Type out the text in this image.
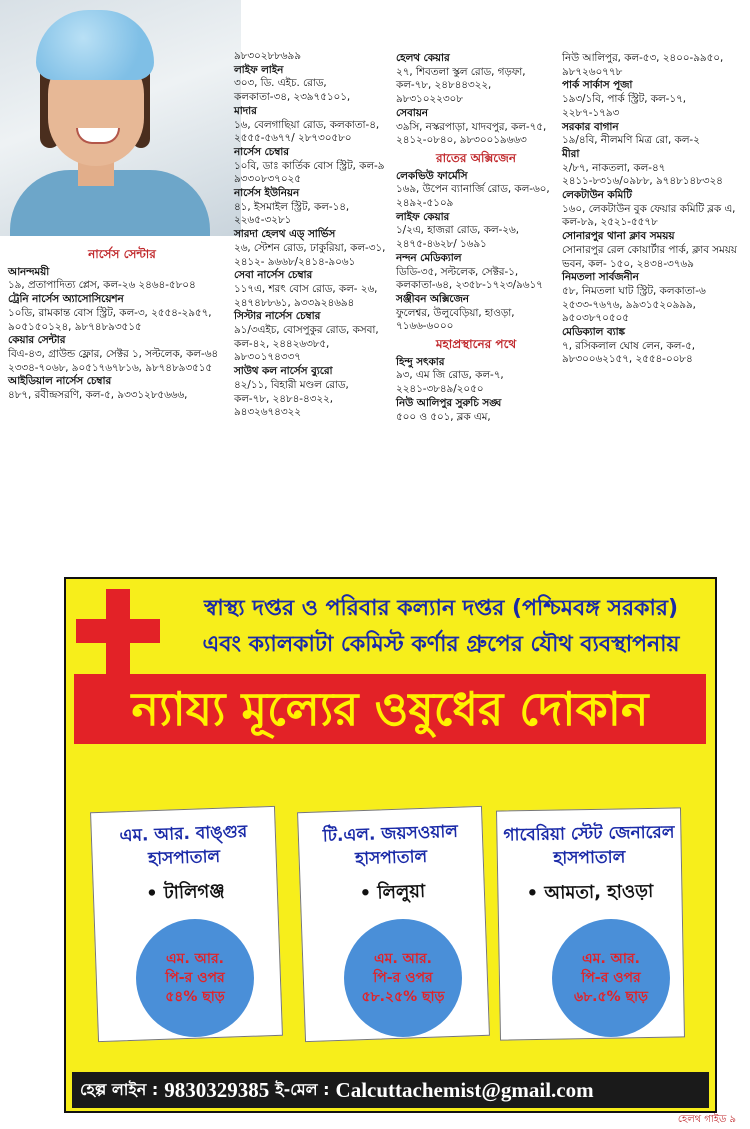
নার্সেস সেন্টার
আনন্দময়ী
১৯, প্রতাপাদিত্য প্লেস, কল-২৬ ২৪৬৪-৫৮০৪
ট্রেনি নার্সেস অ্যাসোসিয়েশন
১০ডি, রামকান্ত বোস স্ট্রিট, কল-৩, ২৫৫৪-২৯৫৭, ৯০৫১৫০১২৪, ৯৮৭৪৮৯৩৫১৫
কেয়ার সেন্টার
বিএ-৪৩, গ্রাউন্ড ফ্লোর, সেক্টর ১, সল্টলেক, কল-৬৪ ২৩৩৪-৭০৬৮, ৯০৫১৭৬৭৮১৬, ৯৮৭৪৮৯৩৫১৫
আইডিয়াল নার্সেস চেম্বার
৪৮৭, রবীন্দ্রসরণি, কল-৫, ৯৩৩১২৮৫৬৬৬,
৯৮৩০২৮৮৬৯৯
লাইফ লাইন
৩০৩, ডি. এইচ. রোড, কলকাতা-৩৪, ২৩৯৭৫১০১,
মাদার
১৬, বেলগাছিয়া রোড, কলকাতা-৪, ২৫৫৫-৫৬৭৭/ ২৮৭৩০৫৮০
নার্সেস চেম্বার
১০বি, ডাঃ কার্তিক বোস স্ট্রিট, কল-৯ ৯৩৩০৮৩৭০২৫
নার্সেস ইউনিয়ন
৪১, ইসমাইল স্ট্রিট, কল-১৪, ২২৬৫-৩২৮১
সারদা হেলথ এড্ সার্ভিস
২৬, স্টেশন রোড, ঢাকুরিয়া, কল-৩১, ২৪১২- ৯৬৬৮/২৪১৪-৯০৬১
সেবা নার্সেস চেম্বার
১১৭এ, শরৎ বোস রোড, কল- ২৬, ২৪৭৪৮৮৬১, ৯৩৩৯২৪৬৯৪
সিস্টার নার্সেস চেম্বার
৯১/৩এইচ, বোসপুকুর রোড, কসবা, কল-৪২, ২৪৪২৬৩৮৫, ৯৮৩০১৭৪৩৩৭
সাউথ কল নার্সেস ব্যুরো
৪২/১১, বিহারী মণ্ডল রোড, কল-৭৮, ২৪৮৪-৪৩২২, ৯৪৩২৬৭৪৩২২
হেলথ কেয়ার
২৭, শিবতলা স্কুল রোড, গড়ফা, কল-৭৮, ২৪৮৪৪৩২২, ৯৮৩১০২২৩০৮
সেবায়ন
৩৯সি, নস্করপাড়া, যাদবপুর, কল-৭৫, ২৪১২-০৮৪০, ৯৮৩০০১৯৬৬৩
রাতের অক্সিজেন
লেকভিউ ফার্মেসি
১৬৯, উপেন ব্যানার্জি রোড, কল-৬০, ২৪৯২-৫১০৯
লাইফ কেয়ার
১/২এ, হাজরা রোড, কল-২৬, ২৪৭৫-৪৬২৮/ ১৬৯১
নন্দন মেডিক্যাল
ডিডি-৩৫, সল্টলেক, সেক্টর-১, কলকাতা-৬৪, ২৩৫৮-১৭২৩/৯৬১৭
সঞ্জীবন অক্সিজেন
ফুলেশ্বর, উলুবেড়িয়া, হাওড়া, ৭১৬৬-৬০০০
মহাপ্রস্থানের পথে
হিন্দু সৎকার
৯৩, এম জি রোড, কল-৭, ২২৪১-৩৮৪৯/২০৫০
নিউ আলিপুর সুরুচি সঙ্ঘ
৫০০ ও ৫০১, ব্লক এম,
নিউ আলিপুর, কল-৫৩, ২৪০০-৯৯৫০, ৯৮৭২৬০৭৭৮
পার্ক সার্কাস পূজা
১৯৩/১বি, পার্ক স্ট্রিট, কল-১৭, ২২৮৭-১৭৯৩
সরকার বাগান
১৯/৪বি, নীলমণি মিত্র রো, কল-২
মীরা
২/৮৭, নাকতলা, কল-৪৭ ২৪১১-৮৩১৬/০৯৮৮, ৯৭৪৮১৪৮৩২৪
লেকটাউন কমিটি
১৬০, লেকটাউন বুক ফেয়ার কমিটি ব্লক এ, কল-৮৯, ২৫২১-৫৫৭৮
সোনারপুর থানা ক্লাব সময়য়
সোনারপুর রেল কোয়ার্টার পার্ক, ক্লাব সময়য় ভবন, কল- ১৫০, ২৪৩৪-৩৭৬৯
নিমতলা সার্বজনীন
৫৮, নিমতলা ঘাট স্ট্রিট, কলকাতা-৬ ২৫৩৩-৭৬৭৬, ৯৯৩১৫২০৯৯৯, ৯৫০৩৮৭০৫০৫
মেডিক্যাল ব্যাঙ্ক
৭, রসিকলাল ঘোষ লেন, কল-৫, ৯৮৩০০৬২১৫৭, ২৫৫৪-০০৮৪
স্বাস্থ্য দপ্তর ও পরিবার কল্যান দপ্তর (পশ্চিমবঙ্গ সরকার)
এবং ক্যালকাটা কেমিস্ট কর্ণার গ্রুপের যৌথ ব্যবস্থাপনায়
ন্যায্য মূল্যের ওষুধের দোকান
এম. আর. বাঙ্গুর হাসপাতাল
• টালিগঞ্জ
টি.এল. জয়সওয়াল হাসপাতাল
• লিলুয়া
গাবেরিয়া স্টেট জেনারেল হাসপাতাল
• আমতা, হাওড়া
এম. আর.
পি-র ওপর
৫৪% ছাড়
এম. আর.
পি-র ওপর
৫৮.২৫% ছাড়
এম. আর.
পি-র ওপর
৬৮.৫% ছাড়
হেল্প লাইন : 9830329385 ই-মেল : Calcuttachemist@gmail.com
হেলথ গাইড ৯
